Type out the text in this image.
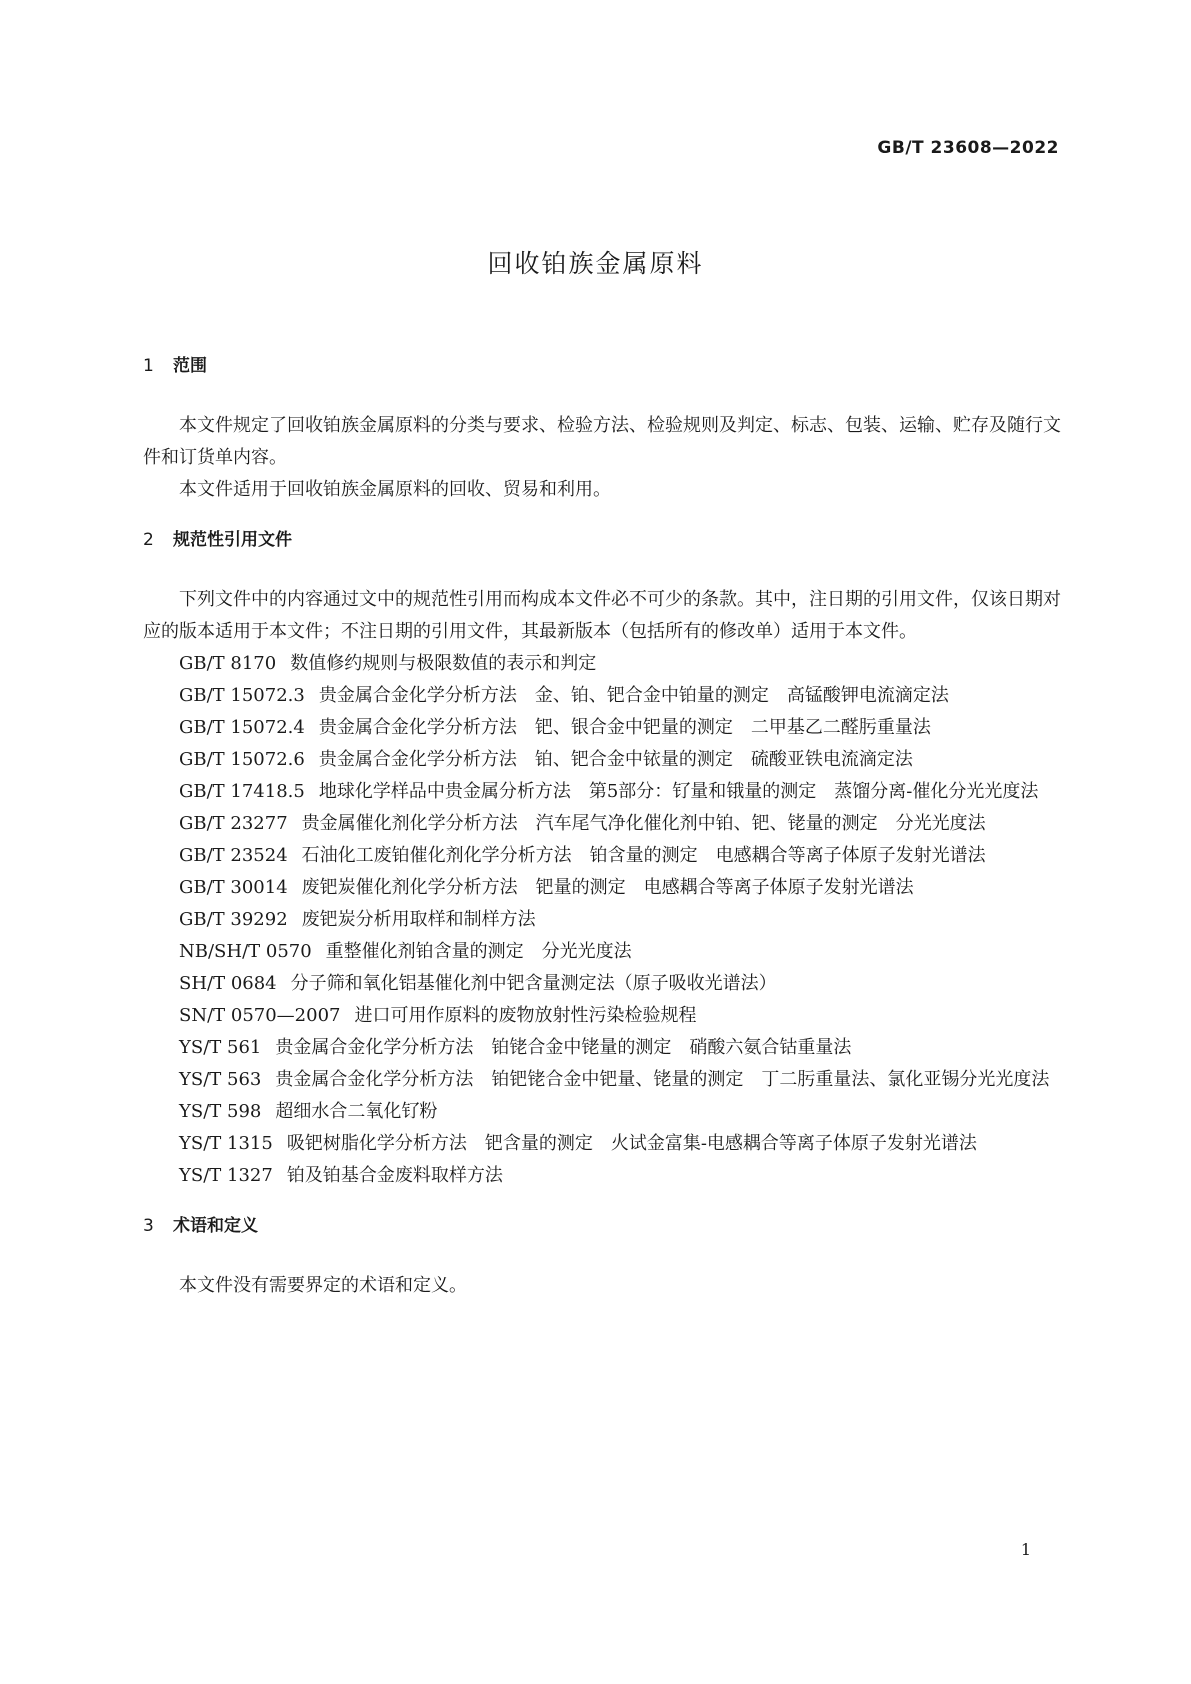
GB/T 23608—2022
回收铂族金属原料
1 范围

本文件规定了回收铂族金属原料的分类与要求、检验方法、检验规则及判定、标志、包装、运输、贮存及随行文件和订货单内容。

本文件适用于回收铂族金属原料的回收、贸易和利用。

2 规范性引用文件

下列文件中的内容通过文中的规范性引用而构成本文件必不可少的条款。其中，注日期的引用文件，仅该日期对应的版本适用于本文件；不注日期的引用文件，其最新版本（包括所有的修改单）适用于本文件。

GB/T 8170 数值修约规则与极限数值的表示和判定

GB/T 15072.3 贵金属合金化学分析方法　金、铂、钯合金中铂量的测定　高锰酸钾电流滴定法

GB/T 15072.4 贵金属合金化学分析方法　钯、银合金中钯量的测定　二甲基乙二醛肟重量法

GB/T 15072.6 贵金属合金化学分析方法　铂、钯合金中铱量的测定　硫酸亚铁电流滴定法

GB/T 17418.5 地球化学样品中贵金属分析方法　第5部分：钌量和锇量的测定　蒸馏分离-催化分光光度法

GB/T 23277 贵金属催化剂化学分析方法　汽车尾气净化催化剂中铂、钯、铑量的测定　分光光度法

GB/T 23524 石油化工废铂催化剂化学分析方法　铂含量的测定　电感耦合等离子体原子发射光谱法

GB/T 30014 废钯炭催化剂化学分析方法　钯量的测定　电感耦合等离子体原子发射光谱法

GB/T 39292 废钯炭分析用取样和制样方法

NB/SH/T 0570 重整催化剂铂含量的测定　分光光度法

SH/T 0684 分子筛和氧化铝基催化剂中钯含量测定法（原子吸收光谱法）

SN/T 0570—2007 进口可用作原料的废物放射性污染检验规程

YS/T 561 贵金属合金化学分析方法　铂铑合金中铑量的测定　硝酸六氨合钴重量法

YS/T 563 贵金属合金化学分析方法　铂钯铑合金中钯量、铑量的测定　丁二肟重量法、氯化亚锡分光光度法

YS/T 598 超细水合二氧化钌粉

YS/T 1315 吸钯树脂化学分析方法　钯含量的测定　火试金富集-电感耦合等离子体原子发射光谱法

YS/T 1327 铂及铂基合金废料取样方法

3 术语和定义

本文件没有需要界定的术语和定义。

1
